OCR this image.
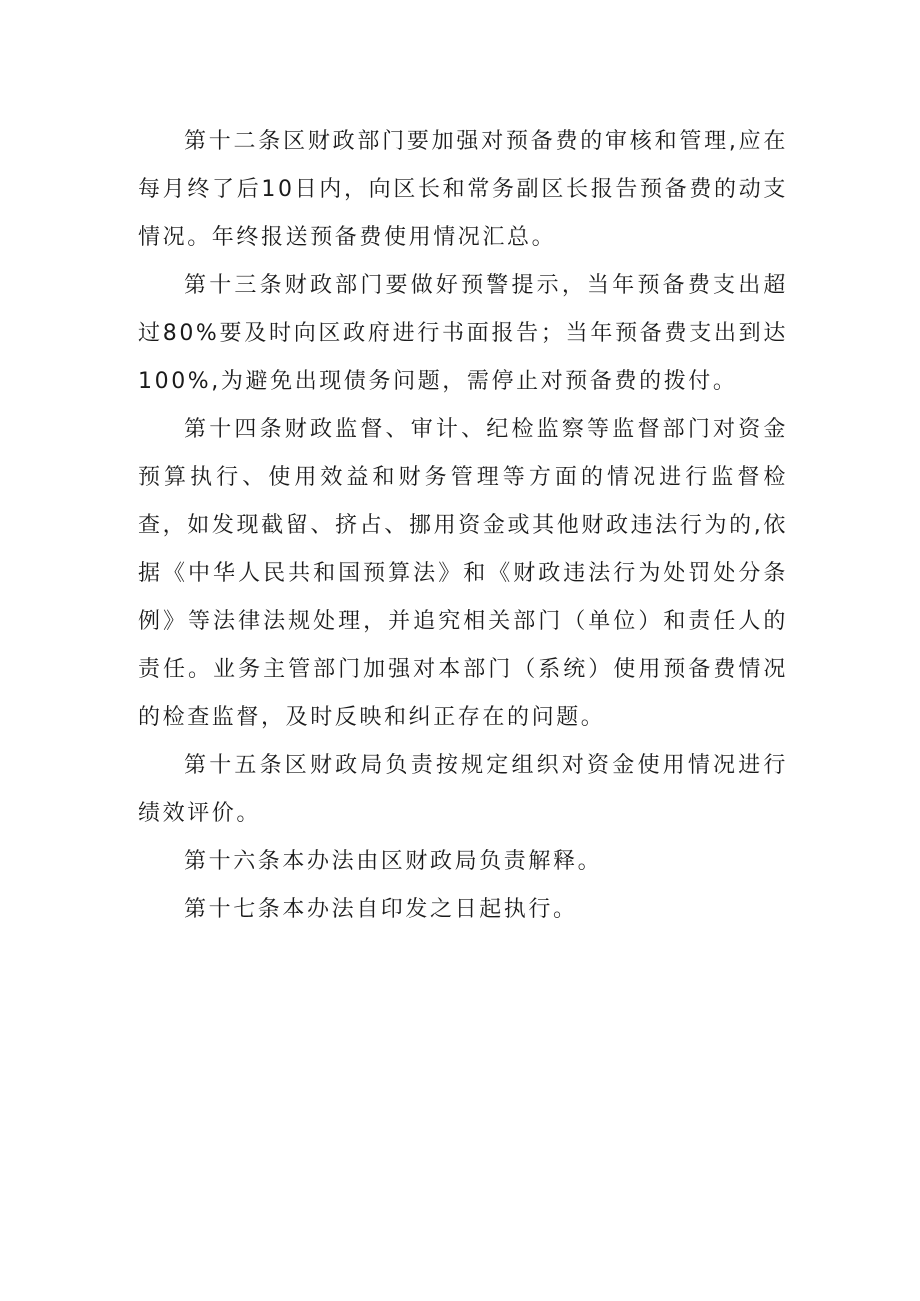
第十二条区财政部门要加强对预备费的审核和管理,应在每月终了后10日内，向区长和常务副区长报告预备费的动支情况。年终报送预备费使用情况汇总。

第十三条财政部门要做好预警提示，当年预备费支出超过80%要及时向区政府进行书面报告；当年预备费支出到达100%,为避免出现债务问题，需停止对预备费的拨付。

第十四条财政监督、审计、纪检监察等监督部门对资金预算执行、使用效益和财务管理等方面的情况进行监督检查，如发现截留、挤占、挪用资金或其他财政违法行为的,依据《中华人民共和国预算法》和《财政违法行为处罚处分条例》等法律法规处理，并追究相关部门（单位）和责任人的责任。业务主管部门加强对本部门（系统）使用预备费情况的检查监督，及时反映和纠正存在的问题。

第十五条区财政局负责按规定组织对资金使用情况进行绩效评价。

第十六条本办法由区财政局负责解释。

第十七条本办法自印发之日起执行。
